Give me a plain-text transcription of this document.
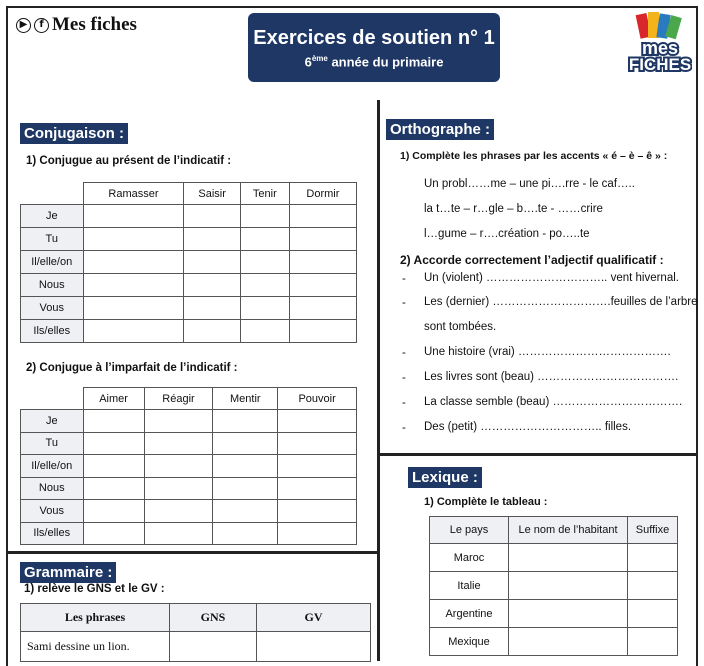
▶	f Mes fiches
Exercices de soutien n° 1
6ème année du primaire
mes
FICHES
Conjugaison :
1) Conjugue au présent de l’indicatif :
	Ramasser	Saisir	Tenir	Dormir
Je				
Tu				
Il/elle/on				
Nous				
Vous				
Ils/elles				
2) Conjugue à l’imparfait de l’indicatif :
	Aimer	Réagir	Mentir	Pouvoir
Je				
Tu				
Il/elle/on				
Nous				
Vous				
Ils/elles				
Grammaire :
1) relève le GNS et le GV :
Les phrases	GNS	GV
Sami dessine un lion.		
Orthographe :
1) Complète les phrases par les accents « é – è – ê » :
Un probl……me – une pi….rre - le caf…..
la t…te – r…gle – b….te - ……crire
l…gume – r….création - po…..te
2) Accorde correctement l’adjectif qualificatif :
- Un (violent) ………………………….. vent hivernal.
- Les (dernier) ………………………….feuilles de l’arbre
sont tombées.
- Une histoire (vrai) ………………………………….
- Les livres sont (beau) ……………………………….
- La classe semble (beau) …………………………….
- Des (petit) ………………………….. filles.
Lexique :
1) Complète le tableau :
Le pays	Le nom de l’habitant	Suffixe
Maroc		
Italie		
Argentine		
Mexique		
